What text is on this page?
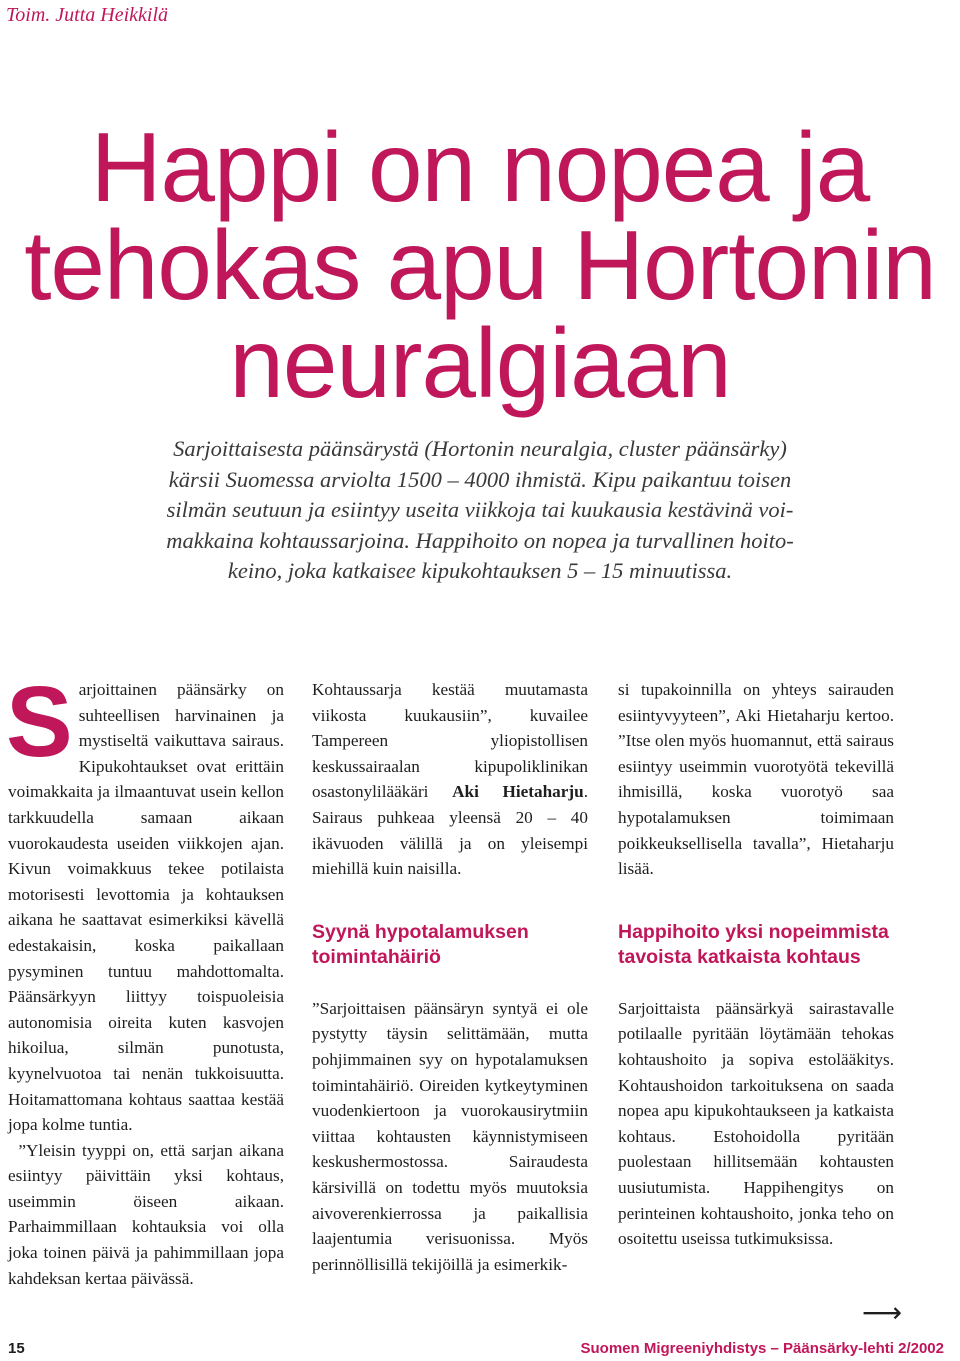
Toim. Jutta Heikkilä
Happi on nopea ja
tehokas apu Hortonin
neuralgiaan
Sarjoittaisesta päänsärystä (Hortonin neuralgia, cluster päänsärky)
kärsii Suomessa arviolta 1500 – 4000 ihmistä. Kipu paikantuu toisen
silmän seutuun ja esiintyy useita viikkoja tai kuukausia kestävinä voi-
makkaina kohtaussarjoina. Happihoito on nopea ja turvallinen hoito-
keino, joka katkaisee kipukohtauksen 5 – 15 minuutissa.

Sarjoittainen päänsärky on suhteellisen harvinainen ja mystiseltä vaikuttava sairaus. Kipukohtaukset ovat erittäin voimakkaita ja ilmaantuvat usein kellon tarkkuudella samaan aikaan vuorokaudesta useiden viikkojen ajan. Kivun voimakkuus tekee potilaista motorisesti levottomia ja kohtauksen aikana he saattavat esimerkiksi kävellä edestakaisin, koska paikallaan pysyminen tuntuu mahdottomalta. Päänsärkyyn liittyy toispuoleisia autonomisia oireita kuten kasvojen hikoilua, silmän punotusta, kyynelvuotoa tai nenän tukkoisuutta. Hoitamattomana kohtaus saattaa kestää jopa kolme tuntia.

”Yleisin tyyppi on, että sarjan aikana esiintyy päivittäin yksi kohtaus, useimmin öiseen aikaan. Parhaimmillaan kohtauksia voi olla joka toinen päivä ja pahimmillaan jopa kahdeksan kertaa päivässä.

Kohtaussarja kestää muutamasta viikosta kuukausiin”, kuvailee Tampereen yliopistollisen keskussairaalan kipupoliklinikan osastonylilääkäri Aki Hietaharju. Sairaus puhkeaa yleensä 20 – 40 ikävuoden välillä ja on yleisempi miehillä kuin naisilla.

Syynä hypotalamuksen toimintahäiriö

”Sarjoittaisen päänsäryn syntyä ei ole pystytty täysin selittämään, mutta pohjimmainen syy on hypotalamuksen toimintahäiriö. Oireiden kytkeytyminen vuodenkiertoon ja vuorokausirytmiin viittaa kohtausten käynnistymiseen keskushermostossa. Sairaudesta kärsivillä on todettu myös muutoksia aivoverenkierrossa ja paikallisia laajentumia verisuonissa. Myös perinnöllisillä tekijöillä ja esimerkik-

si tupakoinnilla on yhteys sairauden esiintyvyyteen”, Aki Hietaharju kertoo. ”Itse olen myös huomannut, että sairaus esiintyy useimmin vuorotyötä tekevillä ihmisillä, koska vuorotyö saa hypotalamuksen toimimaan poikkeuksellisella tavalla”, Hietaharju lisää.

Happihoito yksi nopeimmista tavoista katkaista kohtaus

Sarjoittaista päänsärkyä sairastavalle potilaalle pyritään löytämään tehokas kohtaushoito ja sopiva estolääkitys. Kohtaushoidon tarkoituksena on saada nopea apu kipukohtaukseen ja katkaista kohtaus. Estohoidolla pyritään puolestaan hillitsemään kohtausten uusiutumista. Happihengitys on perinteinen kohtaushoito, jonka teho on osoitettu useissa tutkimuksissa.

⟶
15	Suomen Migreeniyhdistys – Päänsärky-lehti 2/2002
